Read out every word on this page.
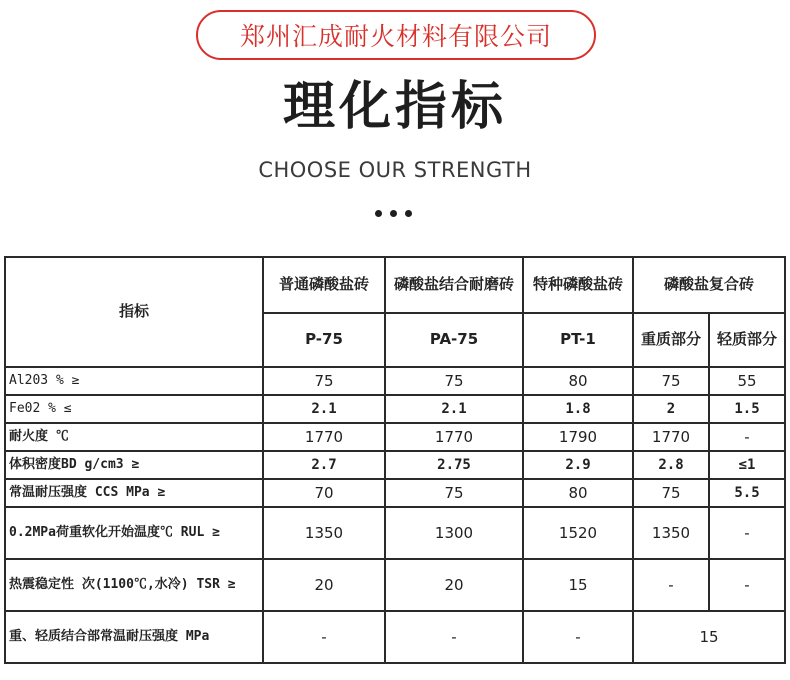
郑州汇成耐火材料有限公司
理化指标
CHOOSE OUR STRENGTH
指标	普通磷酸盐砖	磷酸盐结合耐磨砖	特种磷酸盐砖	磷酸盐复合砖	
	P-75	PA-75	PT-1	重质部分	轻质部分
Al203 % ≥	75	75	80	75	55
Fe02 % ≤	2.1	2.1	1.8	2	1.5
耐火度 ℃	1770	1770	1790	1770	-
体积密度BD g/cm3 ≥	2.7	2.75	2.9	2.8	≤1
常温耐压强度 CCS MPa ≥	70	75	80	75	5.5
0.2MPa荷重软化开始温度℃ RUL ≥	1350	1300	1520	1350	-
热震稳定性 次(1100℃,水冷) TSR ≥	20	20	15	-	-
重、轻质结合部常温耐压强度 MPa	-	-	-	15	
